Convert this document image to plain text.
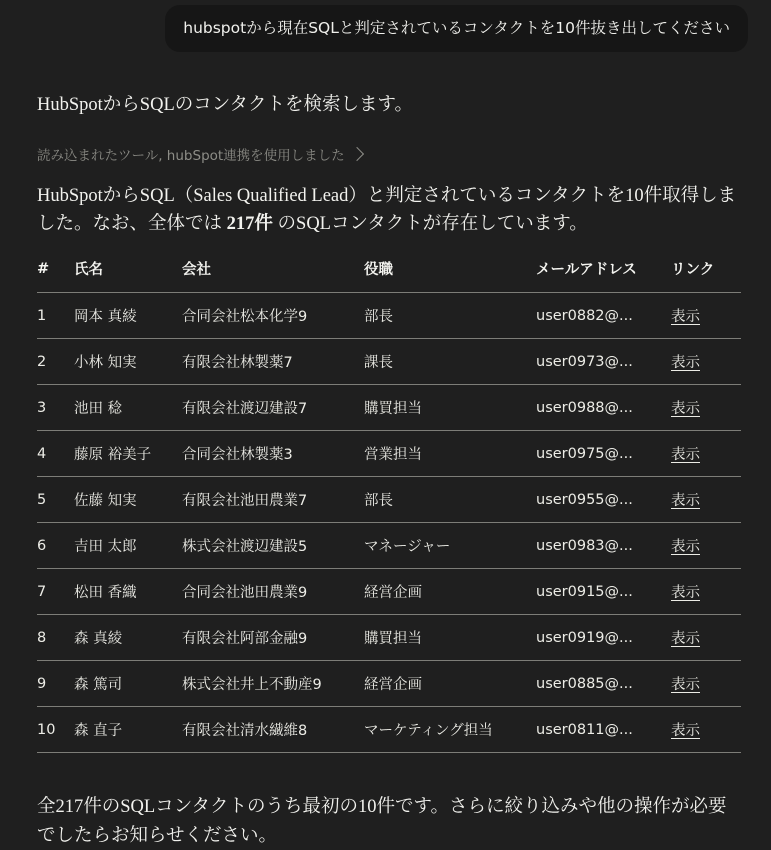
hubspotから現在SQLと判定されているコンタクトを10件抜き出してください

HubSpotからSQLのコンタクトを検索します。

読み込まれたツール, hubSpot連携を使用しました

HubSpotからSQL（Sales Qualified Lead）と判定されているコンタクトを10件取得しました。なお、全体では 217件 のSQLコンタクトが存在しています。

#	氏名	会社	役職	メールアドレス	リンク
1	岡本 真綾	合同会社松本化学9	部長	user0882@...	表示
2	小林 知実	有限会社林製薬7	課長	user0973@...	表示
3	池田 稔	有限会社渡辺建設7	購買担当	user0988@...	表示
4	藤原 裕美子	合同会社林製薬3	営業担当	user0975@...	表示
5	佐藤 知実	有限会社池田農業7	部長	user0955@...	表示
6	吉田 太郎	株式会社渡辺建設5	マネージャー	user0983@...	表示
7	松田 香織	合同会社池田農業9	経営企画	user0915@...	表示
8	森 真綾	有限会社阿部金融9	購買担当	user0919@...	表示
9	森 篤司	株式会社井上不動産9	経営企画	user0885@...	表示
10	森 直子	有限会社清水繊維8	マーケティング担当	user0811@...	表示

全217件のSQLコンタクトのうち最初の10件です。さらに絞り込みや他の操作が必要でしたらお知らせください。
